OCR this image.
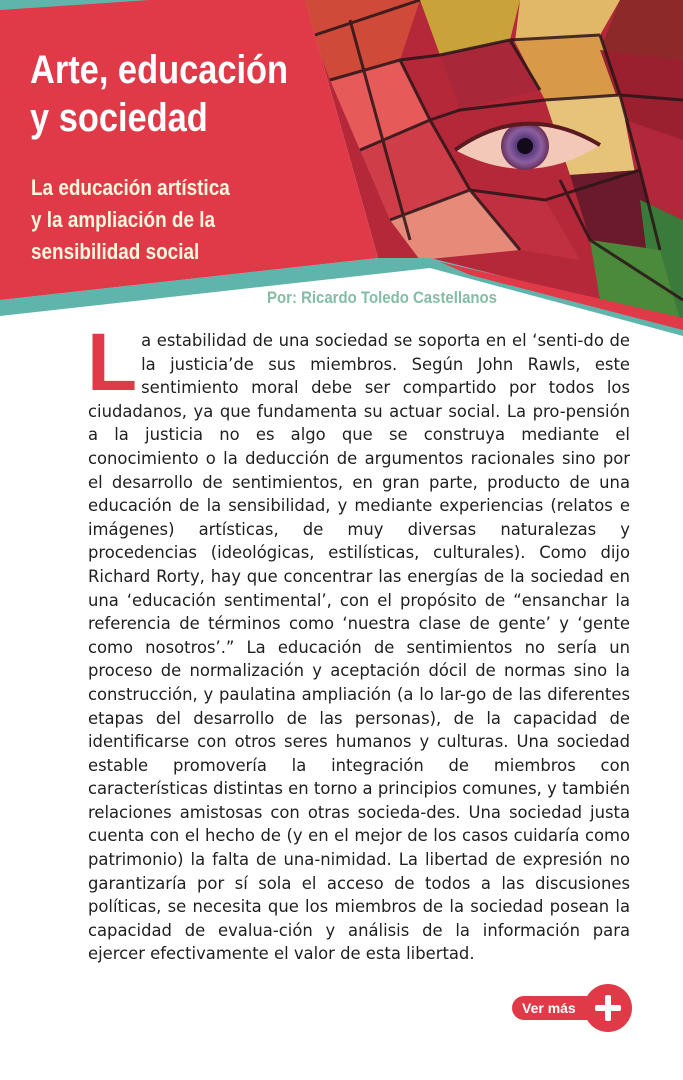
Arte, educación
y sociedad
La educación artística
y la ampliación de la
sensibilidad social
Por: Ricardo Toledo Castellanos

La estabilidad de una sociedad se soporta en el ‘senti-do de la justicia’de sus miembros. Según John Rawls, este sentimiento moral debe ser compartido por todos los ciudadanos, ya que fundamenta su actuar social. La pro-pensión a la justicia no es algo que se construya mediante el conocimiento o la deducción de argumentos racionales sino por el desarrollo de sentimientos, en gran parte, producto de una educación de la sensibilidad, y mediante experiencias (relatos e imágenes) artísticas, de muy diversas naturalezas y procedencias (ideológicas, estilísticas, culturales). Como dijo Richard Rorty, hay que concentrar las energías de la sociedad en una ‘educación sentimental’, con el propósito de “ensanchar la referencia de términos como ‘nuestra clase de gente’ y ‘gente como nosotros’.” La educación de sentimientos no sería un proceso de normalización y aceptación dócil de normas sino la construcción, y paulatina ampliación (a lo lar-go de las diferentes etapas del desarrollo de las personas), de la capacidad de identificarse con otros seres humanos y culturas. Una sociedad estable promovería la integración de miembros con características distintas en torno a principios comunes, y también relaciones amistosas con otras socieda-des. Una sociedad justa cuenta con el hecho de (y en el mejor de los casos cuidaría como patrimonio) la falta de una-nimidad. La libertad de expresión no garantizaría por sí sola el acceso de todos a las discusiones políticas, se necesita que los miembros de la sociedad posean la capacidad de evalua-ción y análisis de la información para ejercer efectivamente el valor de esta libertad.

Ver más
